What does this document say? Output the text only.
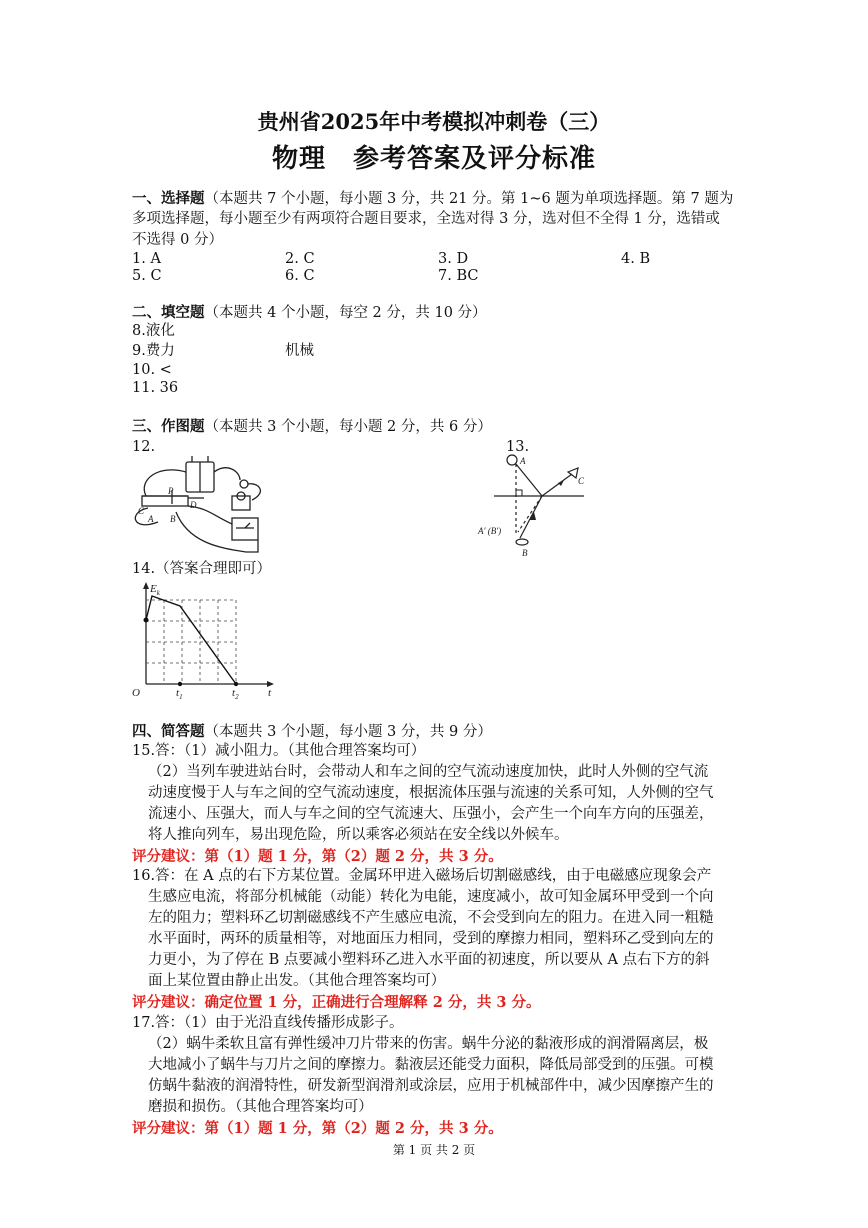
贵州省2025年中考模拟冲刺卷（三）
物理　参考答案及评分标准
一、选择题（本题共 7 个小题，每小题 3 分，共 21 分。第 1~6 题为单项选择题。第 7 题为
多项选择题，每小题至少有两项符合题目要求，全选对得 3 分，选对但不全得 1 分，选错或
不选得 0 分）
1. A	2. C	3. D	4. B
5. C	6. C	7. BC
二、填空题（本题共 4 个小题，每空 2 分，共 10 分）
8.液化
9.费力	机械
10. <
11. 36
三、作图题（本题共 3 个小题，每小题 2 分，共 6 分）
12.	13.
P
C
D
A B
A
C
A′ (B′)
B
14.（答案合理即可）
$E_k$
O	$t_1$	$t_2$	t
四、简答题（本题共 3 个小题，每小题 3 分，共 9 分）
15.答：（1）减小阻力。（其他合理答案均可）
（2）当列车驶进站台时，会带动人和车之间的空气流动速度加快，此时人外侧的空气流
动速度慢于人与车之间的空气流动速度，根据流体压强与流速的关系可知，人外侧的空气
流速小、压强大，而人与车之间的空气流速大、压强小，会产生一个向车方向的压强差，
将人推向列车，易出现危险，所以乘客必须站在安全线以外候车。
评分建议：第（1）题 1 分，第（2）题 2 分，共 3 分。
16.答：在 A 点的右下方某位置。金属环甲进入磁场后切割磁感线，由于电磁感应现象会产
生感应电流，将部分机械能（动能）转化为电能，速度减小，故可知金属环甲受到一个向
左的阻力；塑料环乙切割磁感线不产生感应电流，不会受到向左的阻力。在进入同一粗糙
水平面时，两环的质量相等，对地面压力相同，受到的摩擦力相同，塑料环乙受到向左的
力更小，为了停在 B 点要减小塑料环乙进入水平面的初速度，所以要从 A 点右下方的斜
面上某位置由静止出发。（其他合理答案均可）
评分建议：确定位置 1 分，正确进行合理解释 2 分，共 3 分。
17.答：（1）由于光沿直线传播形成影子。
（2）蜗牛柔软且富有弹性缓冲刀片带来的伤害。蜗牛分泌的黏液形成的润滑隔离层，极
大地减小了蜗牛与刀片之间的摩擦力。黏液层还能受力面积，降低局部受到的压强。可模
仿蜗牛黏液的润滑特性，研发新型润滑剂或涂层，应用于机械部件中，减少因摩擦产生的
磨损和损伤。（其他合理答案均可）
评分建议：第（1）题 1 分，第（2）题 2 分，共 3 分。
第 1 页 共 2 页
